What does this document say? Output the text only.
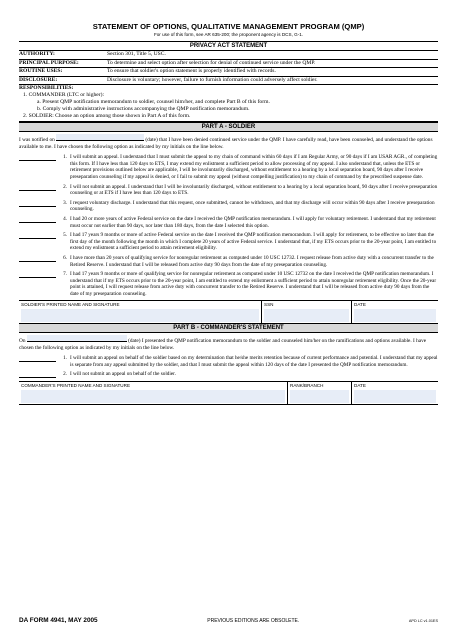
STATEMENT OF OPTIONS, QUALITATIVE MANAGEMENT PROGRAM (QMP)
For use of this form, see AR 635-200; the proponent agency is DCS, G-1.
PRIVACY ACT STATEMENT
AUTHORITY:	Section 301, Title 5, USC.
PRINCIPAL PURPOSE:	To determine and select option after selection for denial of continued service under the QMP.
ROUTINE USES:	To ensure that soldier's option statement is properly identified with records.
DISCLOSURE:	Disclosure is voluntary; however, failure to furnish information could adversely affect soldier.
RESPONSIBILITIES:
1. COMMANDER (LTC or higher):
a. Present QMP notification memorandum to soldier, counsel him/her, and complete Part B of this form.
b. Comply with administrative instructions accompanying the QMP notification memorandum.
2. SOLDIER: Choose an option among those shown in Part A of this form.
PART A - SOLDIER
I was notified on	(date) that I have been denied continued service under the QMP. I have carefully read, have been counseled, and understand the options available to me. I have chosen the following option as indicated by my initials on the line below.
1. I will submit an appeal. I understand that I must submit the appeal to my chain of command within 60 days if I am Regular Army, or 90 days if I am USAR AGR., of completing this form. If I have less than 120 days to ETS, I may extend my enlistment a sufficient period to allow processing of my appeal. I also understand that, unless the ETS or retirement provisions outlined below are applicable, I will be involuntarily discharged, without entitlement to a hearing by a local separation board, 90 days after I receive preseparation counseling if my appeal is denied, or I fail to submit my appeal (without compelling justification) to my chain of command by the prescribed suspense date.
2. I will not submit an appeal. I understand that I will be involuntarily discharged, without entitlement to a hearing by a local separation board, 90 days after I receive preseparation counseling or at ETS if I have less than 120 days to ETS.
3. I request voluntary discharge. I understand that this request, once submitted, cannot be withdrawn, and that my discharge will occur within 90 days after I receive preseparation counseling.
4. I had 20 or more years of active Federal service on the date I received the QMP notification memorandum. I will apply for voluntary retirement. I understand that my retirement must occur not earlier than 90 days, nor later than 180 days, from the date I selected this option.
5. I had 17 years 9 months or more of active Federal service on the date I received the QMP notification memorandum. I will apply for retirement, to be effective no later than the first day of the month following the month in which I complete 20 years of active Federal service. I understand that, if my ETS occurs prior to the 20-year point, I am entitled to extend my enlistment a sufficient period to attain retirement eligibility.
6. I have more than 20 years of qualifying service for nonregular retirement as computed under 10 USC 12732. I request release from active duty with a concurrent transfer to the Retired Reserve. I understand that I will be released from active duty 90 days from the date of my preseparation counseling.
7. I had 17 years 9 months or more of qualifying service for nonregular retirement as computed under 10 USC 12732 on the date I received the QMP notification memorandum. I understand that if my ETS occurs prior to the 20-year point, I am entitled to extend my enlistment a sufficient period to attain nonregular retirement eligibility. Once the 20-year point is attained, I will request release from active duty with concurrent transfer to the Retired Reserve. I understand that I will be released from active duty 90 days from the date of my preseparation counseling.
SOLDIER'S PRINTED NAME AND SIGNATURE	SSN	DATE
PART B - COMMANDER'S STATEMENT
On	(date) I presented the QMP notification memorandum to the soldier and counseled him/her on the ramifications and options available. I have chosen the following option as indicated by my initials on the line below.
1. I will submit an appeal on behalf of the soldier based on my determination that he/she merits retention because of current performance and potential. I understand that my appeal is separate from any appeal submitted by the soldier, and that I must submit the appeal within 120 days of the date I presented the QMP notification memorandum.
2. I will not submit an appeal on behalf of the soldier.
COMMANDER'S PRINTED NAME AND SIGNATURE	RANK/BRANCH	DATE
DA FORM 4941, MAY 2005	PREVIOUS EDITIONS ARE OBSOLETE.	APD LC v1.01ES
